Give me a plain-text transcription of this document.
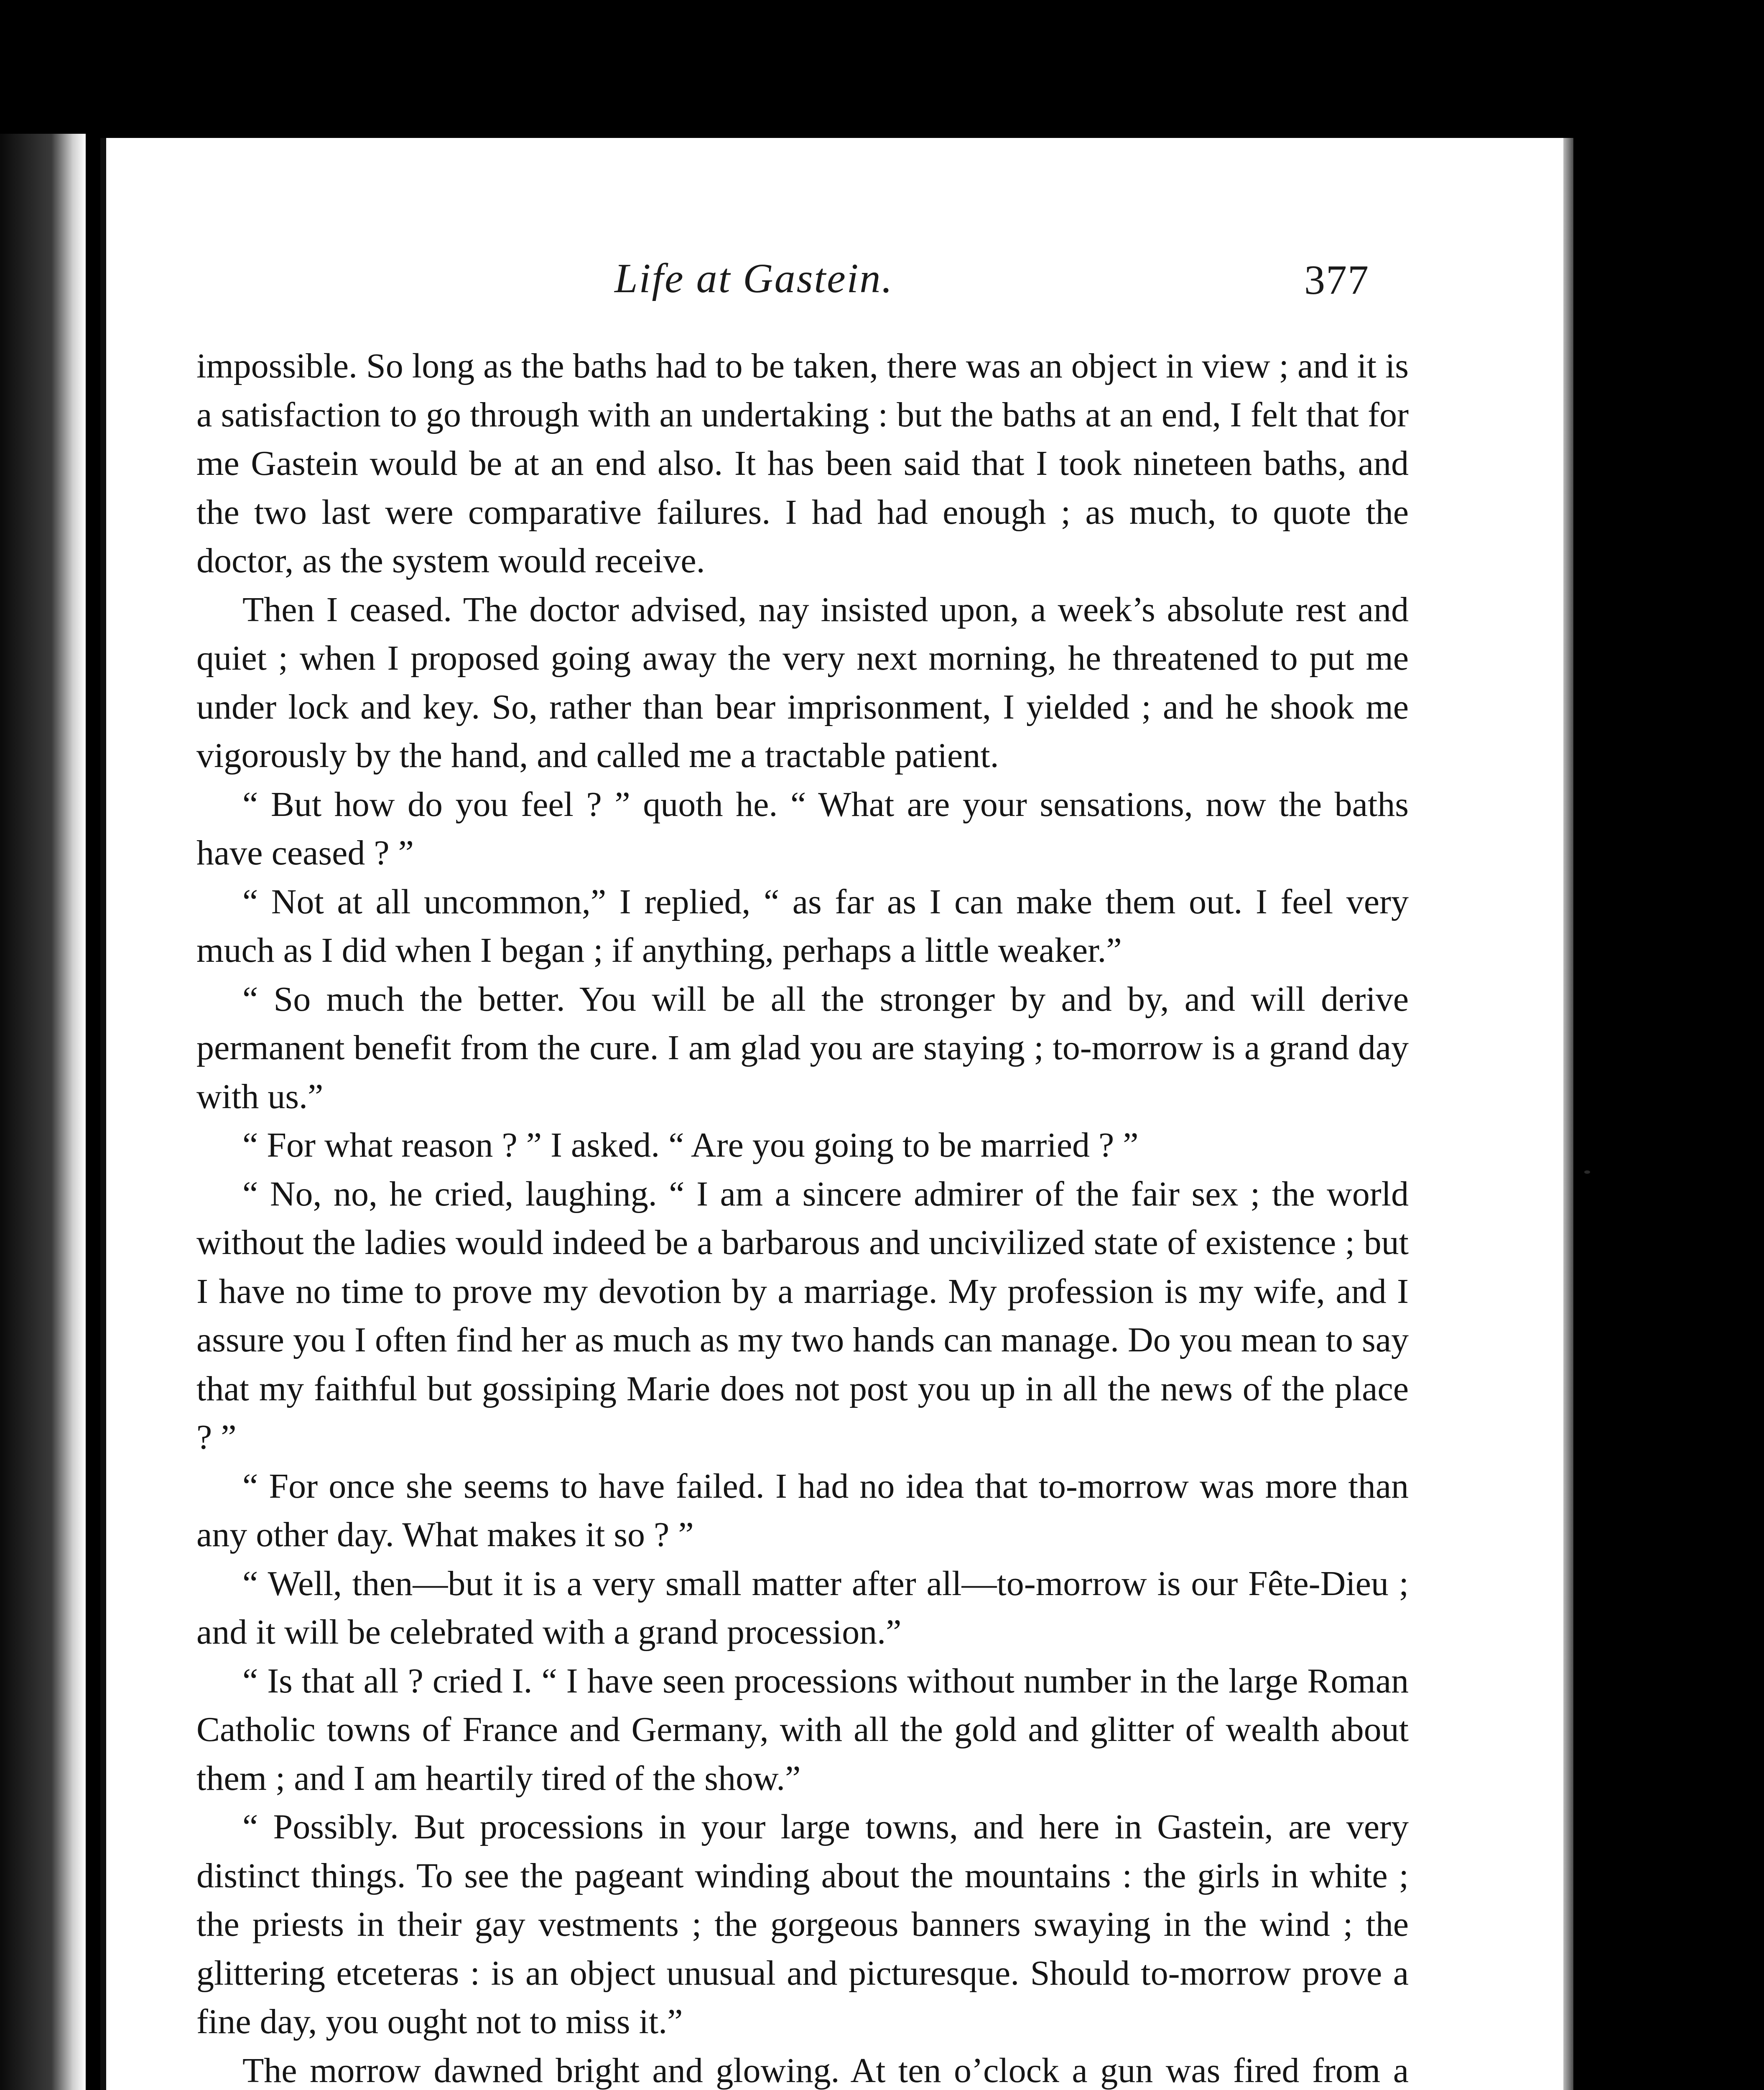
Life at Gastein.	377

impossible. So long as the baths had to be taken, there was an object in view ; and it is a satisfaction to go through with an undertaking : but the baths at an end, I felt that for me Gastein would be at an end also. It has been said that I took nineteen baths, and the two last were comparative failures. I had had enough ; as much, to quote the doctor, as the system would receive.

Then I ceased. The doctor advised, nay insisted upon, a week’s absolute rest and quiet ; when I proposed going away the very next morning, he threatened to put me under lock and key. So, rather than bear imprisonment, I yielded ; and he shook me vigorously by the hand, and called me a tractable patient.

“ But how do you feel ? ” quoth he. “ What are your sensations, now the baths have ceased ? ”

“ Not at all uncommon,” I replied, “ as far as I can make them out. I feel very much as I did when I began ; if anything, perhaps a little weaker.”

“ So much the better. You will be all the stronger by and by, and will derive permanent benefit from the cure. I am glad you are staying ; to-morrow is a grand day with us.”

“ For what reason ? ” I asked. “ Are you going to be married ? ”

“ No, no, he cried, laughing. “ I am a sincere admirer of the fair sex ; the world without the ladies would indeed be a barbarous and uncivilized state of existence ; but I have no time to prove my devotion by a marriage. My profession is my wife, and I assure you I often find her as much as my two hands can manage. Do you mean to say that my faithful but gossiping Marie does not post you up in all the news of the place ? ”

“ For once she seems to have failed. I had no idea that to-morrow was more than any other day. What makes it so ? ”

“ Well, then—but it is a very small matter after all—to-morrow is our Fête-Dieu ; and it will be celebrated with a grand procession.”

“ Is that all ? cried I. “ I have seen processions without number in the large Roman Catholic towns of France and Germany, with all the gold and glitter of wealth about them ; and I am heartily tired of the show.”

“ Possibly. But processions in your large towns, and here in Gastein, are very distinct things. To see the pageant winding about the mountains : the girls in white ; the priests in their gay vestments ; the gorgeous banners swaying in the wind ; the glittering etceteras : is an object unusual and picturesque. Should to-morrow prove a fine day, you ought not to miss it.”

The morrow dawned bright and glowing. At ten o’clock a gun was fired from a
